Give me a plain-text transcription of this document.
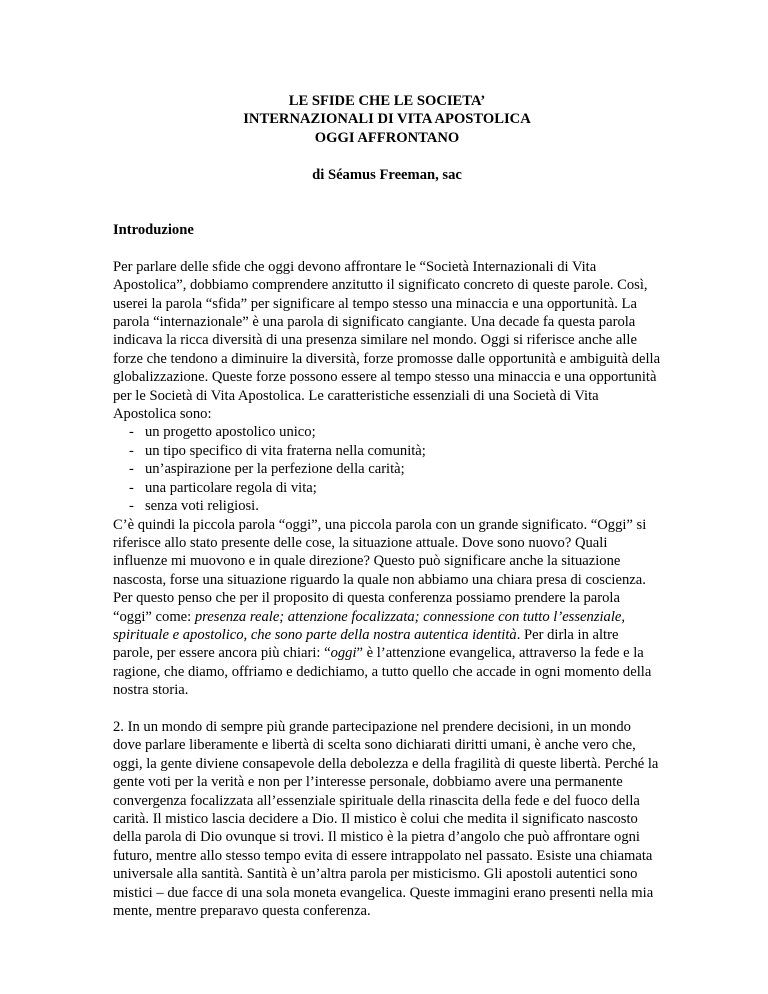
LE SFIDE CHE LE SOCIETA’
INTERNAZIONALI DI VITA APOSTOLICA
OGGI AFFRONTANO

di Séamus Freeman, sac

Introduzione

Per parlare delle sfide che oggi devono affrontare le “Società Internazionali di Vita Apostolica”, dobbiamo comprendere anzitutto il significato concreto di queste parole. Così, userei la parola “sfida” per significare al tempo stesso una minaccia e una opportunità. La parola “internazionale” è una parola di significato cangiante. Una decade fa questa parola indicava la ricca diversità di una presenza similare nel mondo. Oggi si riferisce anche alle forze che tendono a diminuire la diversità, forze promosse dalle opportunità e ambiguità della globalizzazione. Queste forze possono essere al tempo stesso una minaccia e una opportunità per le Società di Vita Apostolica. Le caratteristiche essenziali di una Società di Vita Apostolica sono:

- un progetto apostolico unico;
- un tipo specifico di vita fraterna nella comunità;
- un’aspirazione per la perfezione della carità;
- una particolare regola di vita;
- senza voti religiosi.

C’è quindi la piccola parola “oggi”, una piccola parola con un grande significato. “Oggi” si riferisce allo stato presente delle cose, la situazione attuale. Dove sono nuovo? Quali influenze mi muovono e in quale direzione? Questo può significare anche la situazione nascosta, forse una situazione riguardo la quale non abbiamo una chiara presa di coscienza.

Per questo penso che per il proposito di questa conferenza possiamo prendere la parola “oggi” come: presenza reale; attenzione focalizzata; connessione con tutto l’essenziale, spirituale e apostolico, che sono parte della nostra autentica identità. Per dirla in altre parole, per essere ancora più chiari: “oggi” è l’attenzione evangelica, attraverso la fede e la ragione, che diamo, offriamo e dedichiamo, a tutto quello che accade in ogni momento della nostra storia.

2. In un mondo di sempre più grande partecipazione nel prendere decisioni, in un mondo dove parlare liberamente e libertà di scelta sono dichiarati diritti umani, è anche vero che, oggi, la gente diviene consapevole della debolezza e della fragilità di queste libertà. Perché la gente voti per la verità e non per l’interesse personale, dobbiamo avere una permanente convergenza focalizzata all’essenziale spirituale della rinascita della fede e del fuoco della carità. Il mistico lascia decidere a Dio. Il mistico è colui che medita il significato nascosto della parola di Dio ovunque si trovi. Il mistico è la pietra d’angolo che può affrontare ogni futuro, mentre allo stesso tempo evita di essere intrappolato nel passato. Esiste una chiamata universale alla santità. Santità è un’altra parola per misticismo. Gli apostoli autentici sono mistici – due facce di una sola moneta evangelica. Queste immagini erano presenti nella mia mente, mentre preparavo questa conferenza.
